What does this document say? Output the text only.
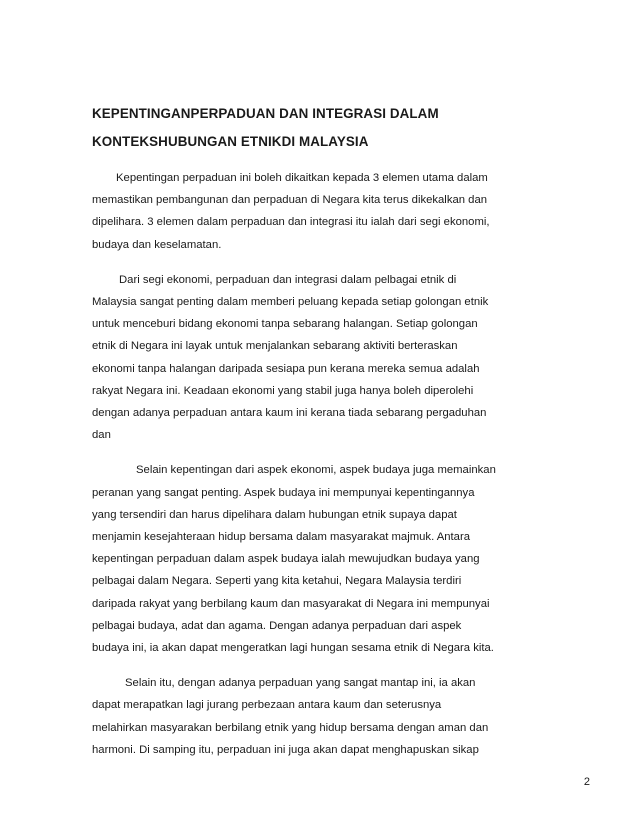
KEPENTINGANPERPADUAN DAN INTEGRASI DALAM
KONTEKSHUBUNGAN ETNIKDI MALAYSIA

Kepentingan perpaduan ini boleh dikaitkan kepada 3 elemen utama dalam
memastikan pembangunan dan perpaduan di Negara kita terus dikekalkan dan
dipelihara. 3 elemen dalam perpaduan dan integrasi itu ialah dari segi ekonomi,
budaya dan keselamatan.

Dari segi ekonomi, perpaduan dan integrasi dalam pelbagai etnik di
Malaysia sangat penting dalam memberi peluang kepada setiap golongan etnik
untuk menceburi bidang ekonomi tanpa sebarang halangan. Setiap golongan
etnik di Negara ini layak untuk menjalankan sebarang aktiviti berteraskan
ekonomi tanpa halangan daripada sesiapa pun kerana mereka semua adalah
rakyat Negara ini. Keadaan ekonomi yang stabil juga hanya boleh diperolehi
dengan adanya perpaduan antara kaum ini kerana tiada sebarang pergaduhan
dan

Selain kepentingan dari aspek ekonomi, aspek budaya juga memainkan
peranan yang sangat penting. Aspek budaya ini mempunyai kepentingannya
yang tersendiri dan harus dipelihara dalam hubungan etnik supaya dapat
menjamin kesejahteraan hidup bersama dalam masyarakat majmuk. Antara
kepentingan perpaduan dalam aspek budaya ialah mewujudkan budaya yang
pelbagai dalam Negara. Seperti yang kita ketahui, Negara Malaysia terdiri
daripada rakyat yang berbilang kaum dan masyarakat di Negara ini mempunyai
pelbagai budaya, adat dan agama. Dengan adanya perpaduan dari aspek
budaya ini, ia akan dapat mengeratkan lagi hungan sesama etnik di Negara kita.

Selain itu, dengan adanya perpaduan yang sangat mantap ini, ia akan
dapat merapatkan lagi jurang perbezaan antara kaum dan seterusnya
melahirkan masyarakan berbilang etnik yang hidup bersama dengan aman dan
harmoni. Di samping itu, perpaduan ini juga akan dapat menghapuskan sikap

2
